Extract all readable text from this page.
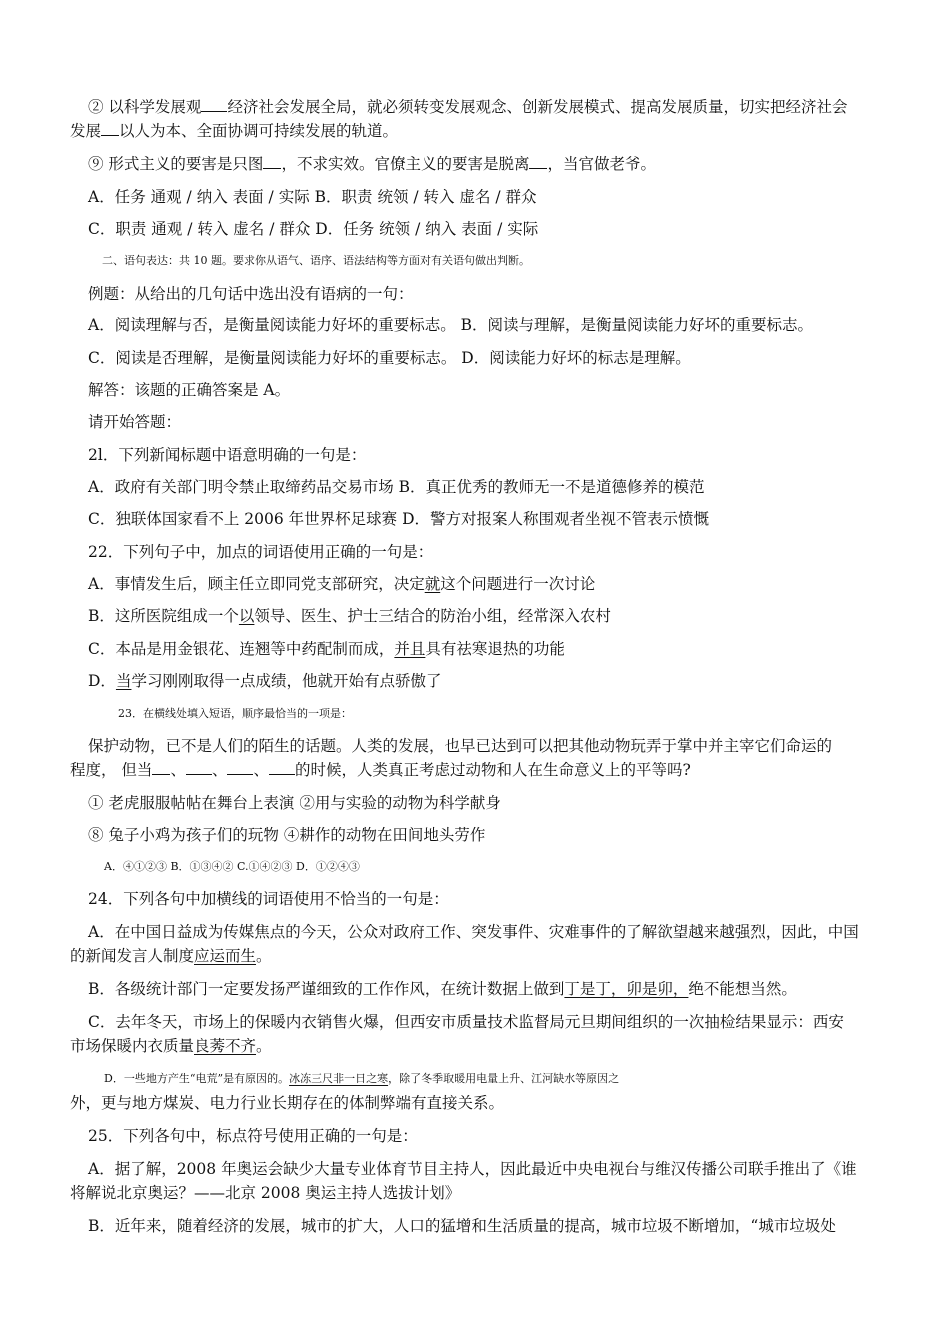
② 以科学发展观 经济社会发展全局，就必须转变发展观念、创新发展模式、提高发展质量，切实把经济社会
发展 以人为本、全面协调可持续发展的轨道。
⑨ 形式主义的要害是只图 ，不求实效。官僚主义的要害是脱离 ，当官做老爷。
A．任务 通观 / 纳入 表面 / 实际 B．职责 统领 / 转入 虚名 / 群众
C．职责 通观 / 转入 虚名 / 群众 D．任务 统领 / 纳入 表面 / 实际
二、语句表达：共 10 题。要求你从语气、语序、语法结构等方面对有关语句做出判断。
例题：从给出的几句话中选出没有语病的一句：
A．阅读理解与否，是衡量阅读能力好坏的重要标志。 B．阅读与理解，是衡量阅读能力好坏的重要标志。
C．阅读是否理解，是衡量阅读能力好坏的重要标志。 D．阅读能力好坏的标志是理解。
解答：该题的正确答案是 A。
请开始答题：
2l．下列新闻标题中语意明确的一句是：
A．政府有关部门明令禁止取缔药品交易市场 B．真正优秀的教师无一不是道德修养的模范
C．独联体国家看不上 2006 年世界杯足球赛 D．警方对报案人称围观者坐视不管表示愤慨
22．下列句子中，加点的词语使用正确的一句是：
A．事情发生后，顾主任立即同党支部研究，决定就这个问题进行一次讨论
B．这所医院组成一个以领导、医生、护士三结合的防治小组，经常深入农村
C．本品是用金银花、连翘等中药配制而成，并且具有祛寒退热的功能
D．当学习刚刚取得一点成绩，他就开始有点骄傲了
23．在横线处填入短语，顺序最恰当的一项是：
保护动物，已不是人们的陌生的话题。人类的发展，也早已达到可以把其他动物玩弄于掌中并主宰它们命运的
程度， 但当 、 、 、 的时候，人类真正考虑过动物和人在生命意义上的平等吗?
① 老虎服服帖帖在舞台上表演 ②用与实验的动物为科学献身
⑧ 兔子小鸡为孩子们的玩物 ④耕作的动物在田间地头劳作
A．④①②③ B．①③④② C.①④②③ D．①②④③
24．下列各句中加横线的词语使用不恰当的一句是：
A．在中国日益成为传媒焦点的今天，公众对政府工作、突发事件、灾难事件的了解欲望越来越强烈，因此，中国
的新闻发言人制度应运而生。
B．各级统计部门一定要发扬严谨细致的工作作风，在统计数据上做到丁是丁，卯是卯，绝不能想当然。
C．去年冬天，市场上的保暖内衣销售火爆，但西安市质量技术监督局元旦期间组织的一次抽检结果显示：西安
市场保暖内衣质量良莠不齐。
D．一些地方产生“电荒”是有原因的。冰冻三尺非一日之寒，除了冬季取暖用电量上升、江河缺水等原因之
外，更与地方煤炭、电力行业长期存在的体制弊端有直接关系。
25．下列各句中，标点符号使用正确的一句是：
A．据了解，2008 年奥运会缺少大量专业体育节目主持人，因此最近中央电视台与维汉传播公司联手推出了《谁
将解说北京奥运？——北京 2008 奥运主持人选拔计划》
B．近年来，随着经济的发展，城市的扩大，人口的猛增和生活质量的提高，城市垃圾不断增加，“城市垃圾处
